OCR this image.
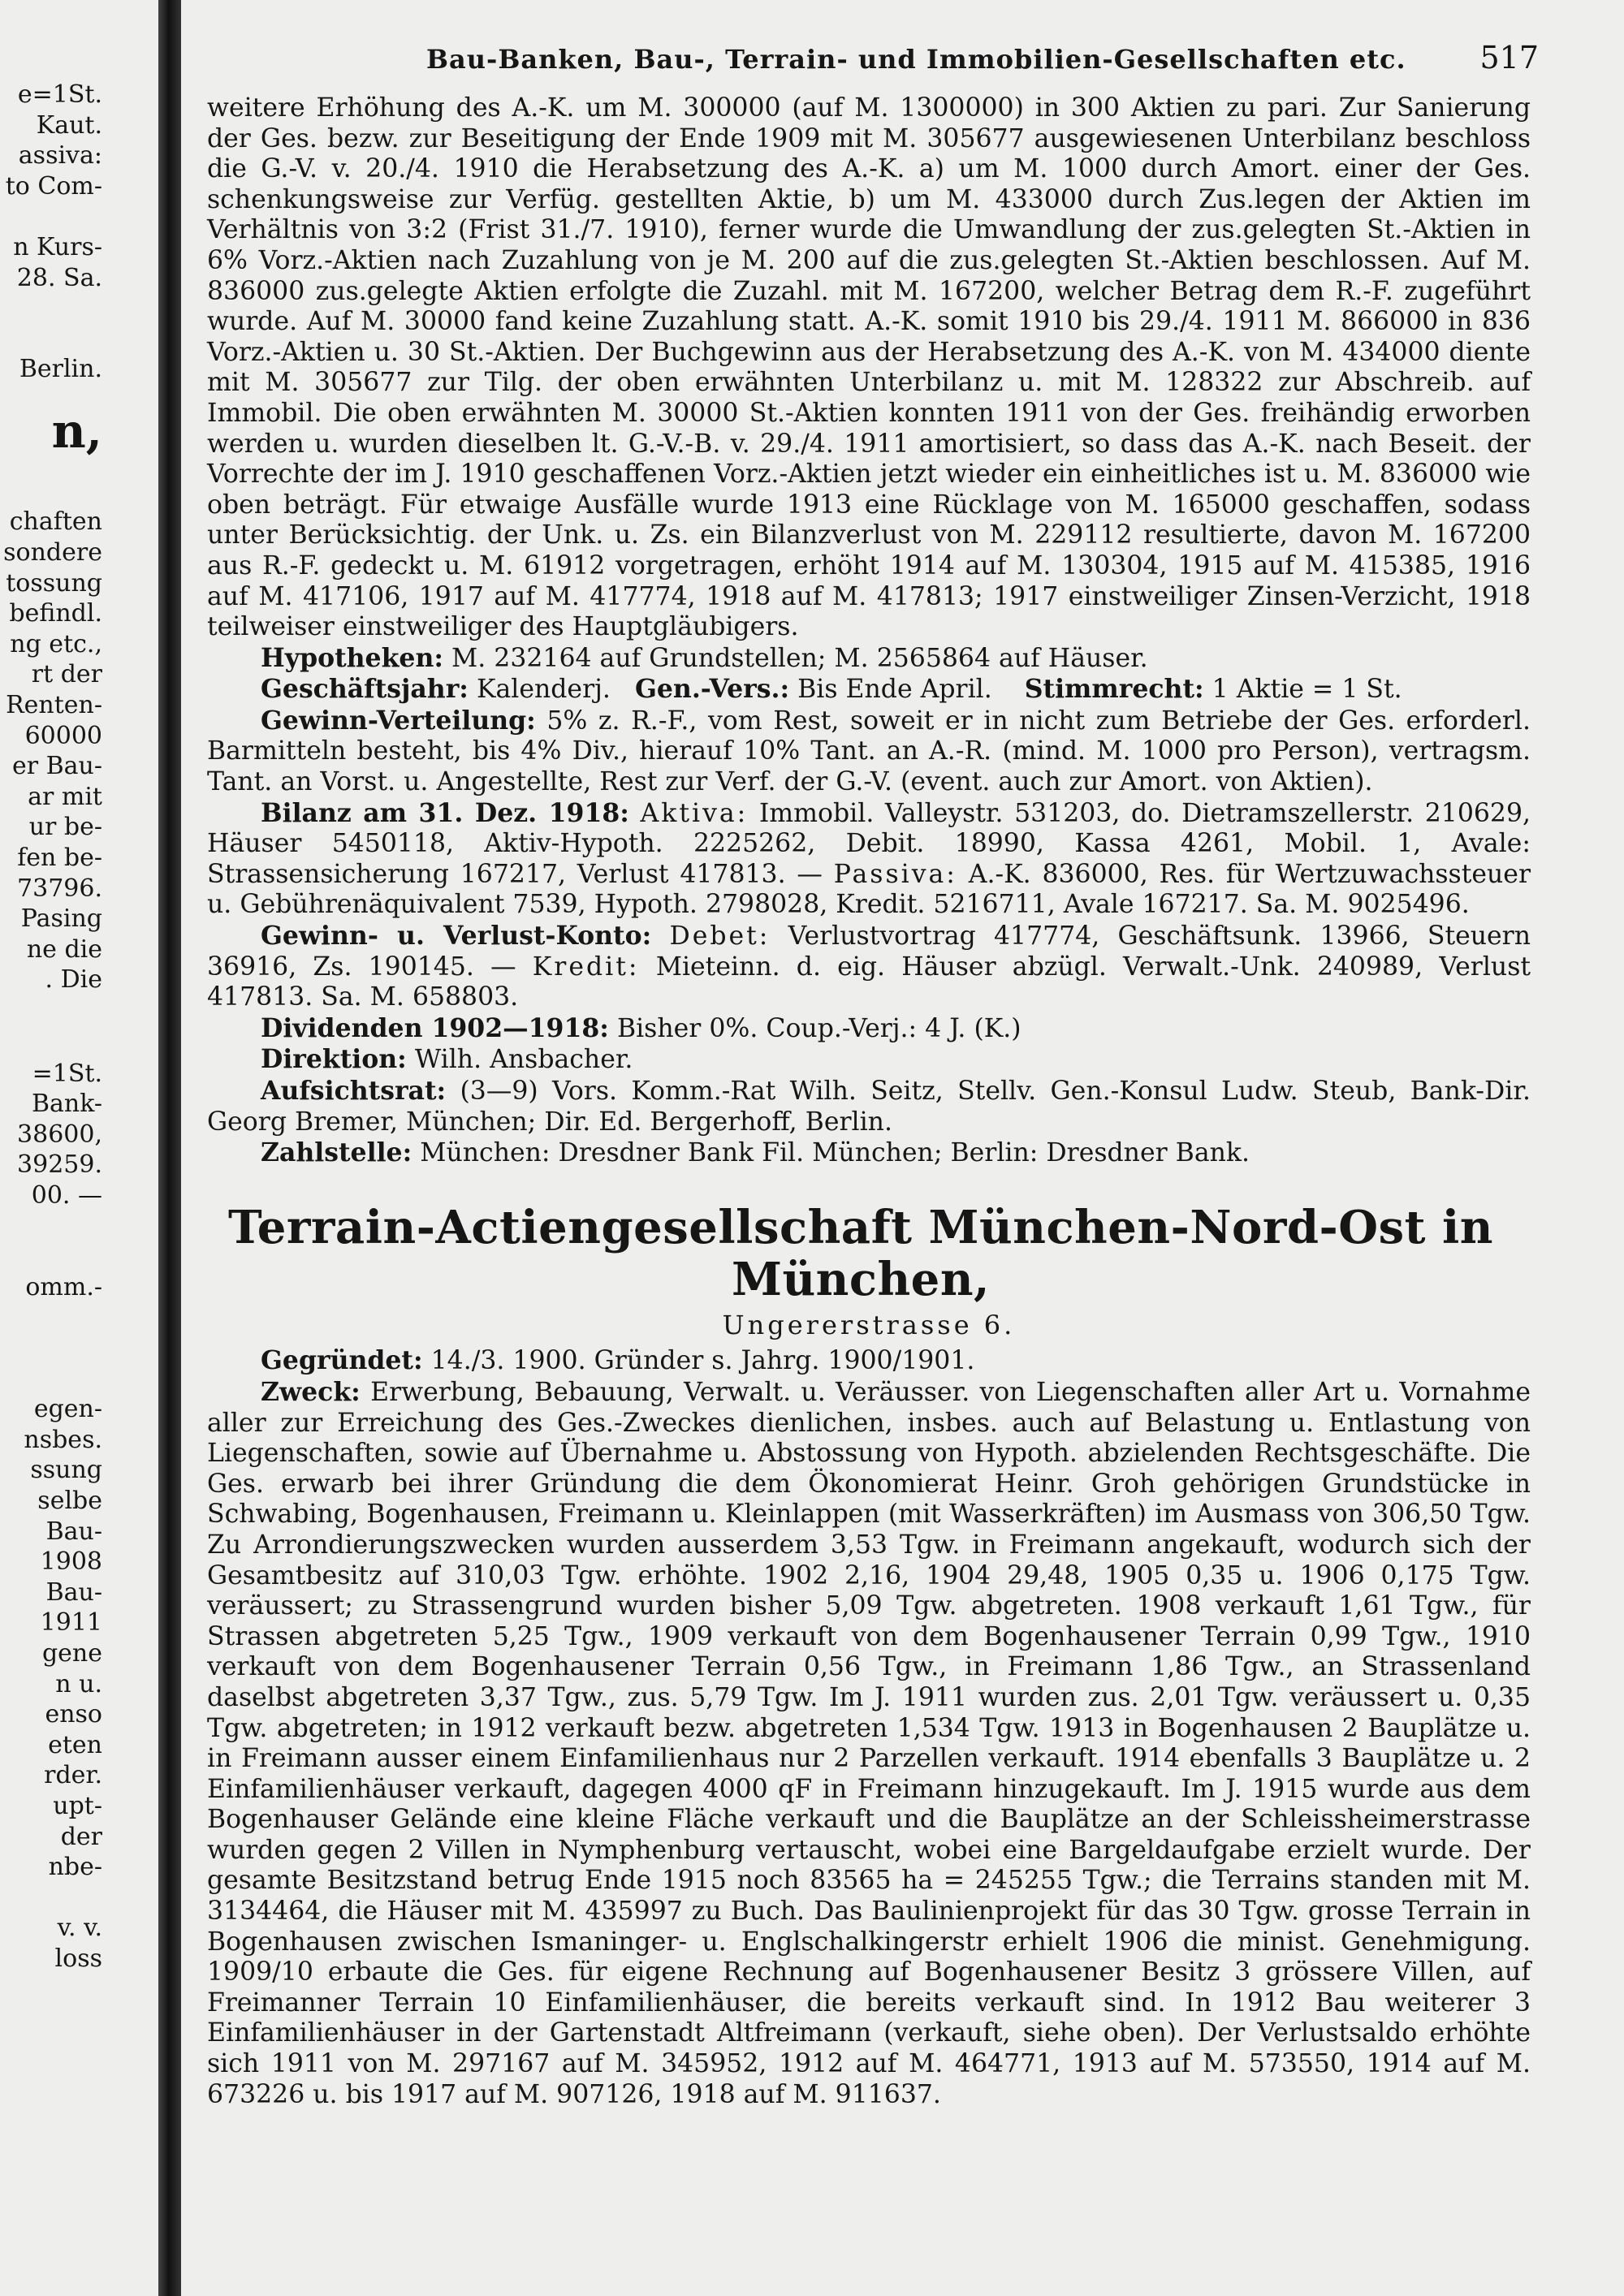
e=1St.
Kaut.
assiva:
to Com-
n Kurs-
28. Sa.
Berlin.
n,
chaften
sondere
tossung
befindl.
ng etc.,
rt der
Renten-
60000
er Bau-
ar mit
ur be-
fen be-
73796.
Pasing
ne die
. Die
=1St.
Bank-
38600,
39259.
00. —
omm.-
egen-
nsbes.
ssung
selbe
Bau-
1908
Bau-
1911
gene
n u.
enso
eten
rder.
upt-
der
nbe-
v. v.
loss
Bau-Banken, Bau-, Terrain- und Immobilien-Gesellschaften etc. 517

weitere Erhöhung des A.-K. um M. 300000 (auf M. 1300000) in 300 Aktien zu pari. Zur Sanierung der Ges. bezw. zur Beseitigung der Ende 1909 mit M. 305677 ausgewiesenen Unterbilanz beschloss die G.-V. v. 20./4. 1910 die Herabsetzung des A.-K. a) um M. 1000 durch Amort. einer der Ges. schenkungsweise zur Verfüg. gestellten Aktie, b) um M. 433000 durch Zus.legen der Aktien im Verhältnis von 3:2 (Frist 31./7. 1910), ferner wurde die Umwandlung der zus.gelegten St.-Aktien in 6% Vorz.-Aktien nach Zuzahlung von je M. 200 auf die zus.gelegten St.-Aktien beschlossen. Auf M. 836000 zus.gelegte Aktien erfolgte die Zuzahl. mit M. 167200, welcher Betrag dem R.-F. zugeführt wurde. Auf M. 30000 fand keine Zuzahlung statt. A.-K. somit 1910 bis 29./4. 1911 M. 866000 in 836 Vorz.-Aktien u. 30 St.-Aktien. Der Buchgewinn aus der Herabsetzung des A.-K. von M. 434000 diente mit M. 305677 zur Tilg. der oben erwähnten Unterbilanz u. mit M. 128322 zur Abschreib. auf Immobil. Die oben erwähnten M. 30000 St.-Aktien konnten 1911 von der Ges. freihändig erworben werden u. wurden dieselben lt. G.-V.-B. v. 29./4. 1911 amortisiert, so dass das A.-K. nach Beseit. der Vorrechte der im J. 1910 geschaffenen Vorz.-Aktien jetzt wieder ein einheitliches ist u. M. 836000 wie oben beträgt. Für etwaige Ausfälle wurde 1913 eine Rücklage von M. 165000 geschaffen, sodass unter Berücksichtig. der Unk. u. Zs. ein Bilanzverlust von M. 229112 resultierte, davon M. 167200 aus R.-F. gedeckt u. M. 61912 vorgetragen, erhöht 1914 auf M. 130304, 1915 auf M. 415385, 1916 auf M. 417106, 1917 auf M. 417774, 1918 auf M. 417813; 1917 einstweiliger Zinsen-Verzicht, 1918 teilweiser einstweiliger des Hauptgläubigers.

Hypotheken: M. 232164 auf Grundstellen; M. 2565864 auf Häuser.

Geschäftsjahr: Kalenderj. Gen.-Vers.: Bis Ende April. Stimmrecht: 1 Aktie = 1 St.

Gewinn-Verteilung: 5% z. R.-F., vom Rest, soweit er in nicht zum Betriebe der Ges. erforderl. Barmitteln besteht, bis 4% Div., hierauf 10% Tant. an A.-R. (mind. M. 1000 pro Person), vertragsm. Tant. an Vorst. u. Angestellte, Rest zur Verf. der G.-V. (event. auch zur Amort. von Aktien).

Bilanz am 31. Dez. 1918: Aktiva: Immobil. Valleystr. 531203, do. Dietramszellerstr. 210629, Häuser 5450118, Aktiv-Hypoth. 2225262, Debit. 18990, Kassa 4261, Mobil. 1, Avale: Strassensicherung 167217, Verlust 417813. — Passiva: A.-K. 836000, Res. für Wertzuwachssteuer u. Gebührenäquivalent 7539, Hypoth. 2798028, Kredit. 5216711, Avale 167217. Sa. M. 9025496.

Gewinn- u. Verlust-Konto: Debet: Verlustvortrag 417774, Geschäftsunk. 13966, Steuern 36916, Zs. 190145. — Kredit: Mieteinn. d. eig. Häuser abzügl. Verwalt.-Unk. 240989, Verlust 417813. Sa. M. 658803.

Dividenden 1902—1918: Bisher 0%. Coup.-Verj.: 4 J. (K.)

Direktion: Wilh. Ansbacher.

Aufsichtsrat: (3—9) Vors. Komm.-Rat Wilh. Seitz, Stellv. Gen.-Konsul Ludw. Steub, Bank-Dir. Georg Bremer, München; Dir. Ed. Bergerhoff, Berlin.

Zahlstelle: München: Dresdner Bank Fil. München; Berlin: Dresdner Bank.

Terrain-Actiengesellschaft München-Nord-Ost in München,
Ungererstrasse 6.

Gegründet: 14./3. 1900. Gründer s. Jahrg. 1900/1901.

Zweck: Erwerbung, Bebauung, Verwalt. u. Veräusser. von Liegenschaften aller Art u. Vornahme aller zur Erreichung des Ges.-Zweckes dienlichen, insbes. auch auf Belastung u. Entlastung von Liegenschaften, sowie auf Übernahme u. Abstossung von Hypoth. abzielenden Rechtsgeschäfte. Die Ges. erwarb bei ihrer Gründung die dem Ökonomierat Heinr. Groh gehörigen Grundstücke in Schwabing, Bogenhausen, Freimann u. Kleinlappen (mit Wasserkräften) im Ausmass von 306,50 Tgw. Zu Arrondierungszwecken wurden ausserdem 3,53 Tgw. in Freimann angekauft, wodurch sich der Gesamtbesitz auf 310,03 Tgw. erhöhte. 1902 2,16, 1904 29,48, 1905 0,35 u. 1906 0,175 Tgw. veräussert; zu Strassengrund wurden bisher 5,09 Tgw. abgetreten. 1908 verkauft 1,61 Tgw., für Strassen abgetreten 5,25 Tgw., 1909 verkauft von dem Bogenhausener Terrain 0,99 Tgw., 1910 verkauft von dem Bogenhausener Terrain 0,56 Tgw., in Freimann 1,86 Tgw., an Strassenland daselbst abgetreten 3,37 Tgw., zus. 5,79 Tgw. Im J. 1911 wurden zus. 2,01 Tgw. veräussert u. 0,35 Tgw. abgetreten; in 1912 verkauft bezw. abgetreten 1,534 Tgw. 1913 in Bogenhausen 2 Bauplätze u. in Freimann ausser einem Einfamilienhaus nur 2 Parzellen verkauft. 1914 ebenfalls 3 Bauplätze u. 2 Einfamilienhäuser verkauft, dagegen 4000 qF in Freimann hinzugekauft. Im J. 1915 wurde aus dem Bogenhauser Gelände eine kleine Fläche verkauft und die Bauplätze an der Schleissheimerstrasse wurden gegen 2 Villen in Nymphenburg vertauscht, wobei eine Bargeldaufgabe erzielt wurde. Der gesamte Besitzstand betrug Ende 1915 noch 83565 ha = 245255 Tgw.; die Terrains standen mit M. 3134464, die Häuser mit M. 435997 zu Buch. Das Baulinienprojekt für das 30 Tgw. grosse Terrain in Bogenhausen zwischen Ismaninger- u. Englschalkingerstr erhielt 1906 die minist. Genehmigung. 1909/10 erbaute die Ges. für eigene Rechnung auf Bogenhausener Besitz 3 grössere Villen, auf Freimanner Terrain 10 Einfamilienhäuser, die bereits verkauft sind. In 1912 Bau weiterer 3 Einfamilienhäuser in der Gartenstadt Altfreimann (verkauft, siehe oben). Der Verlustsaldo erhöhte sich 1911 von M. 297167 auf M. 345952, 1912 auf M. 464771, 1913 auf M. 573550, 1914 auf M. 673226 u. bis 1917 auf M. 907126, 1918 auf M. 911637.
